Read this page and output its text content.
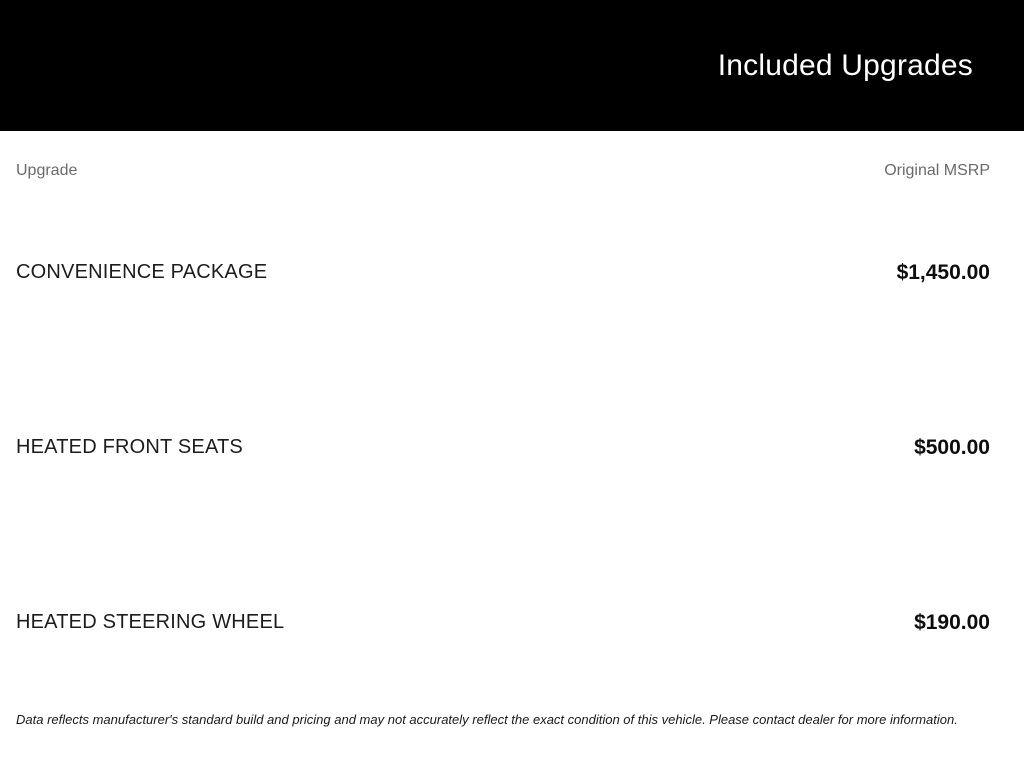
Included Upgrades
Upgrade	Original MSRP
CONVENIENCE PACKAGE	$1,450.00
HEATED FRONT SEATS	$500.00
HEATED STEERING WHEEL	$190.00
Data reflects manufacturer's standard build and pricing and may not accurately reflect the exact condition of this vehicle. Please contact dealer for more information.
